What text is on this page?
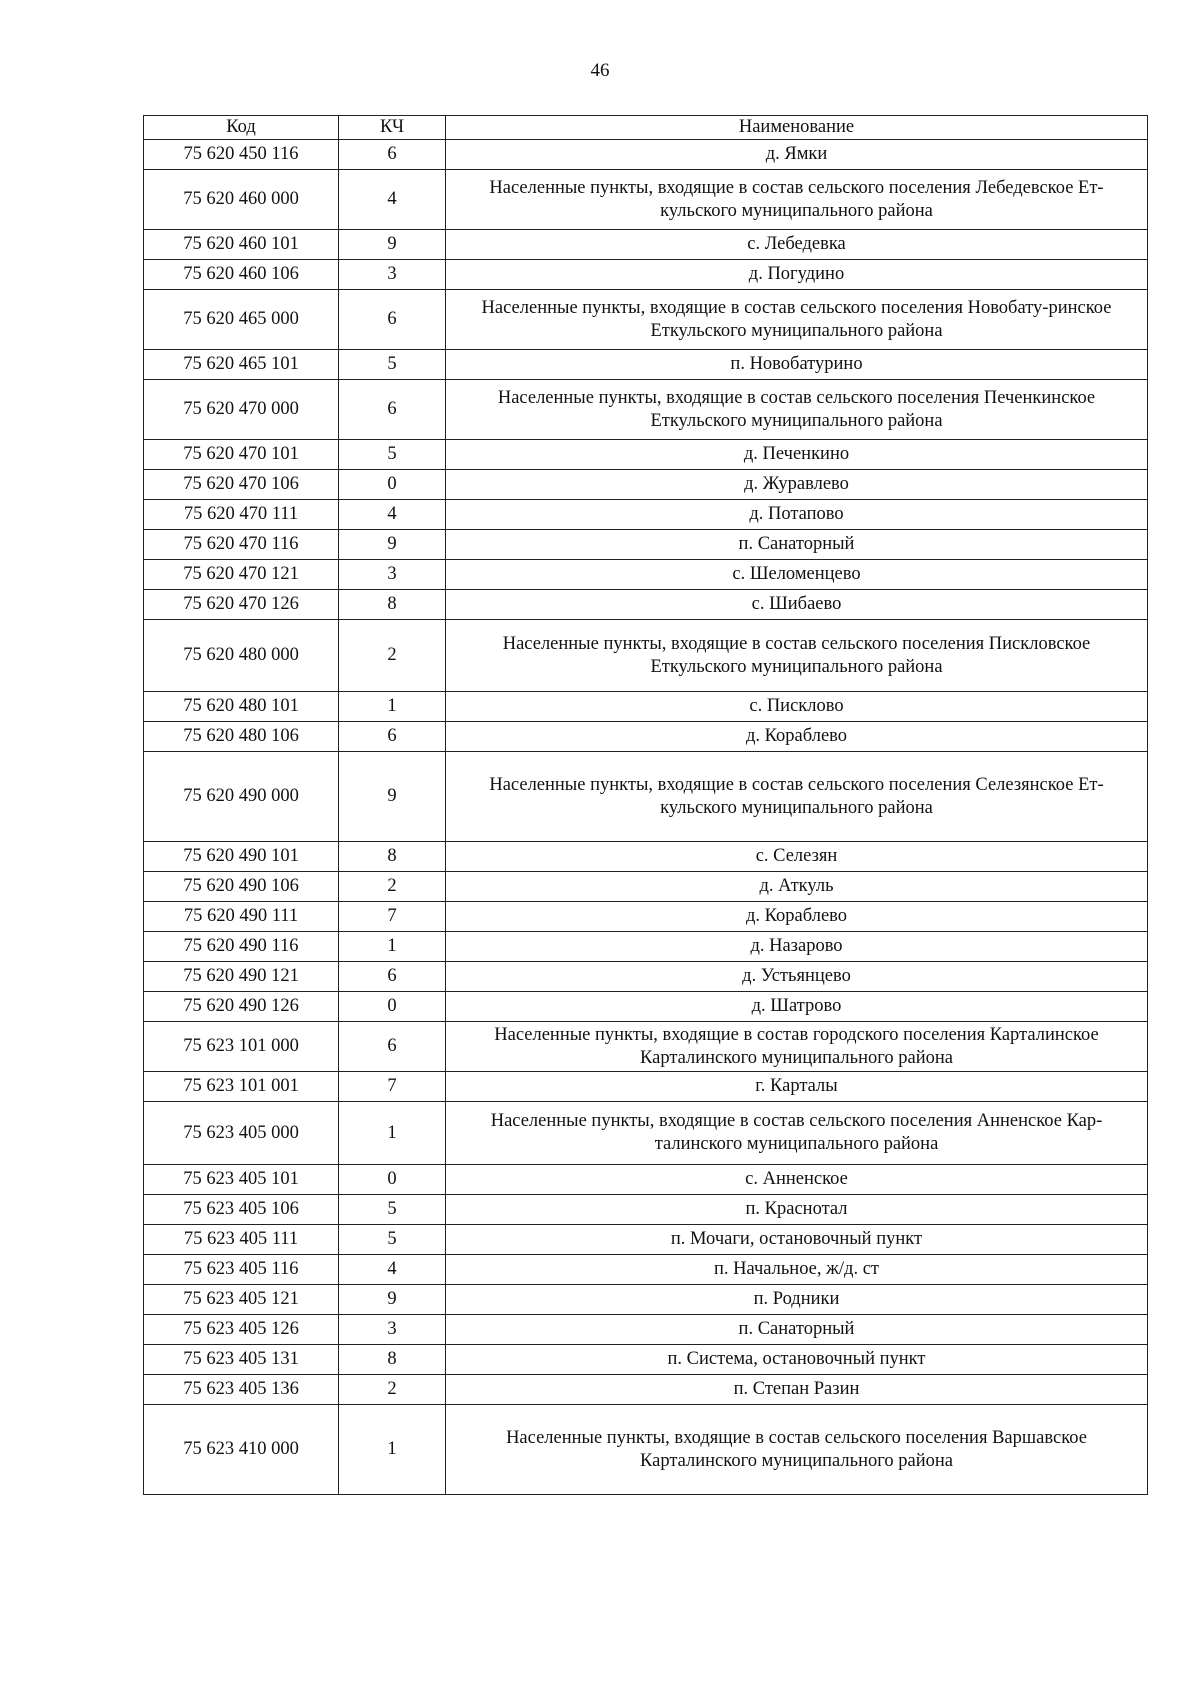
46
Код	КЧ	Наименование
75 620 450 116	6	д. Ямки
75 620 460 000	4	Населенные пункты, входящие в состав сельского поселения Лебедевское Ет-кульского муниципального района
75 620 460 101	9	с. Лебедевка
75 620 460 106	3	д. Погудино
75 620 465 000	6	Населенные пункты, входящие в состав сельского поселения Новобату-ринское Еткульского муниципального района
75 620 465 101	5	п. Новобатурино
75 620 470 000	6	Населенные пункты, входящие в состав сельского поселения Печенкинское Еткульского муниципального района
75 620 470 101	5	д. Печенкино
75 620 470 106	0	д. Журавлево
75 620 470 111	4	д. Потапово
75 620 470 116	9	п. Санаторный
75 620 470 121	3	с. Шеломенцево
75 620 470 126	8	с. Шибаево
75 620 480 000	2	Населенные пункты, входящие в состав сельского поселения Пискловское Еткульского муниципального района
75 620 480 101	1	с. Писклово
75 620 480 106	6	д. Кораблево
75 620 490 000	9	Населенные пункты, входящие в состав сельского поселения Селезянское Ет-кульского муниципального района
75 620 490 101	8	с. Селезян
75 620 490 106	2	д. Аткуль
75 620 490 111	7	д. Кораблево
75 620 490 116	1	д. Назарово
75 620 490 121	6	д. Устьянцево
75 620 490 126	0	д. Шатрово
75 623 101 000	6	Населенные пункты, входящие в состав городского поселения Карталинское Карталинского муниципального района
75 623 101 001	7	г. Карталы
75 623 405 000	1	Населенные пункты, входящие в состав сельского поселения Анненское Кар-талинского муниципального района
75 623 405 101	0	с. Анненское
75 623 405 106	5	п. Краснотал
75 623 405 111	5	п. Мочаги, остановочный пункт
75 623 405 116	4	п. Начальное, ж/д. ст
75 623 405 121	9	п. Родники
75 623 405 126	3	п. Санаторный
75 623 405 131	8	п. Система, остановочный пункт
75 623 405 136	2	п. Степан Разин
75 623 410 000	1	Населенные пункты, входящие в состав сельского поселения Варшавское Карталинского муниципального района
